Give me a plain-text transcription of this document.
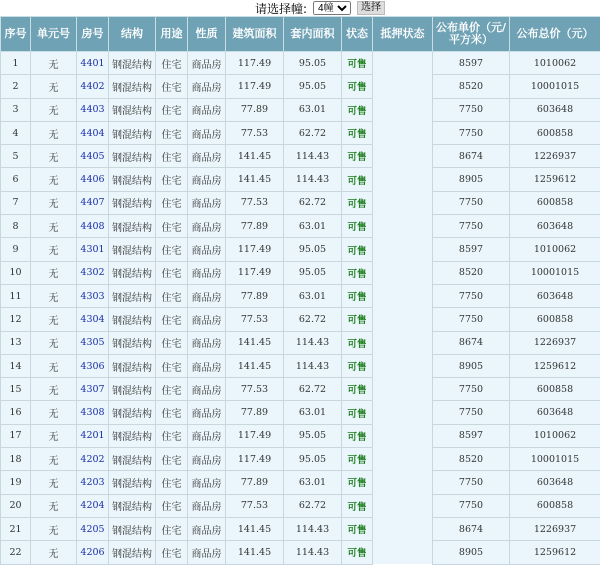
请选择幢:
4幢	选择
序号	单元号	房号	结构	用途	性质	建筑面积	套内面积	状态	抵押状态	公布单价（元/平方米）	公布总价（元）
1	无	4401	钢混结构	住宅	商品房	117.49	95.05	可售		8597	1010062
2	无	4402	钢混结构	住宅	商品房	117.49	95.05	可售		8520	10001015
3	无	4403	钢混结构	住宅	商品房	77.89	63.01	可售		7750	603648
4	无	4404	钢混结构	住宅	商品房	77.53	62.72	可售		7750	600858
5	无	4405	钢混结构	住宅	商品房	141.45	114.43	可售		8674	1226937
6	无	4406	钢混结构	住宅	商品房	141.45	114.43	可售		8905	1259612
7	无	4407	钢混结构	住宅	商品房	77.53	62.72	可售		7750	600858
8	无	4408	钢混结构	住宅	商品房	77.89	63.01	可售		7750	603648
9	无	4301	钢混结构	住宅	商品房	117.49	95.05	可售		8597	1010062
10	无	4302	钢混结构	住宅	商品房	117.49	95.05	可售		8520	10001015
11	无	4303	钢混结构	住宅	商品房	77.89	63.01	可售		7750	603648
12	无	4304	钢混结构	住宅	商品房	77.53	62.72	可售		7750	600858
13	无	4305	钢混结构	住宅	商品房	141.45	114.43	可售		8674	1226937
14	无	4306	钢混结构	住宅	商品房	141.45	114.43	可售		8905	1259612
15	无	4307	钢混结构	住宅	商品房	77.53	62.72	可售		7750	600858
16	无	4308	钢混结构	住宅	商品房	77.89	63.01	可售		7750	603648
17	无	4201	钢混结构	住宅	商品房	117.49	95.05	可售		8597	1010062
18	无	4202	钢混结构	住宅	商品房	117.49	95.05	可售		8520	10001015
19	无	4203	钢混结构	住宅	商品房	77.89	63.01	可售		7750	603648
20	无	4204	钢混结构	住宅	商品房	77.53	62.72	可售		7750	600858
21	无	4205	钢混结构	住宅	商品房	141.45	114.43	可售		8674	1226937
22	无	4206	钢混结构	住宅	商品房	141.45	114.43	可售		8905	1259612
